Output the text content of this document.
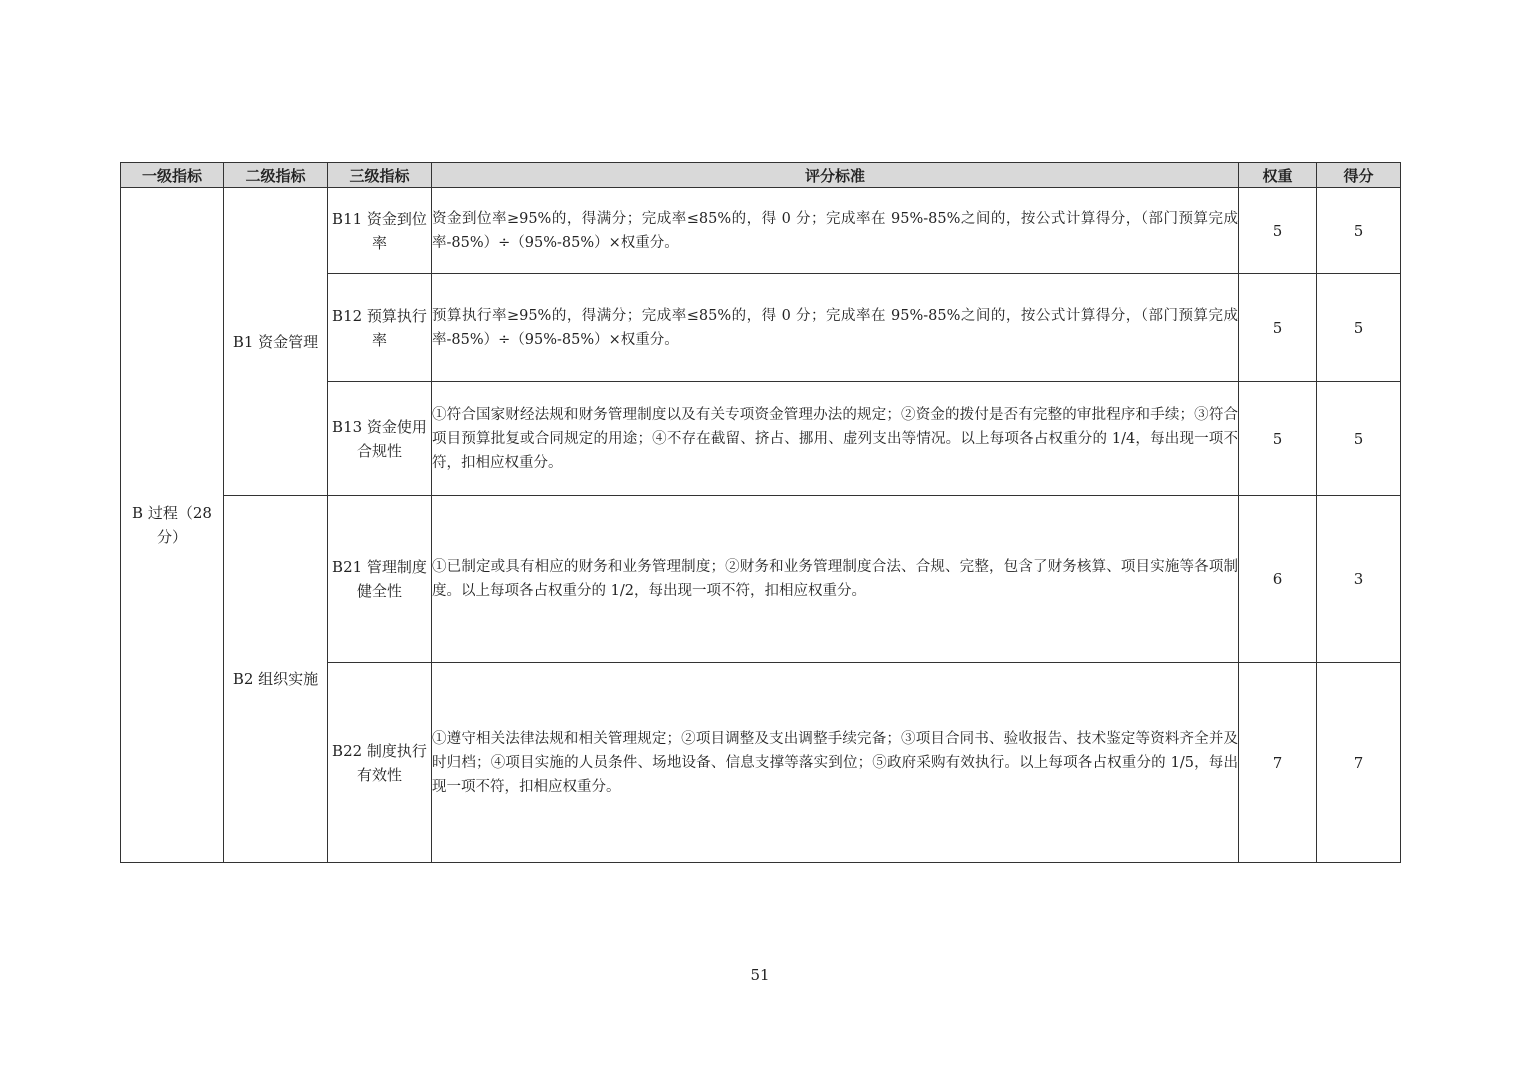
一级指标	二级指标	三级指标	评分标准	权重	得分
B 过程（28 分）	B1 资金管理	B11 资金到位率	资金到位率≥95%的，得满分；完成率≤85%的，得 0 分；完成率在 95%-85%之间的，按公式计算得分，（部门预算完成率-85%）÷（95%-85%）×权重分。	5	5
		B12 预算执行率	预算执行率≥95%的，得满分；完成率≤85%的，得 0 分；完成率在 95%-85%之间的，按公式计算得分，（部门预算完成率-85%）÷（95%-85%）×权重分。	5	5
		B13 资金使用合规性	①符合国家财经法规和财务管理制度以及有关专项资金管理办法的规定；②资金的拨付是否有完整的审批程序和手续；③符合项目预算批复或合同规定的用途；④不存在截留、挤占、挪用、虚列支出等情况。以上每项各占权重分的 1/4，每出现一项不符，扣相应权重分。	5	5
	B2 组织实施	B21 管理制度健全性	①已制定或具有相应的财务和业务管理制度；②财务和业务管理制度合法、合规、完整，包含了财务核算、项目实施等各项制度。以上每项各占权重分的 1/2，每出现一项不符，扣相应权重分。	6	3
		B22 制度执行有效性	①遵守相关法律法规和相关管理规定；②项目调整及支出调整手续完备；③项目合同书、验收报告、技术鉴定等资料齐全并及时归档；④项目实施的人员条件、场地设备、信息支撑等落实到位；⑤政府采购有效执行。以上每项各占权重分的 1/5，每出现一项不符，扣相应权重分。	7	7
51
